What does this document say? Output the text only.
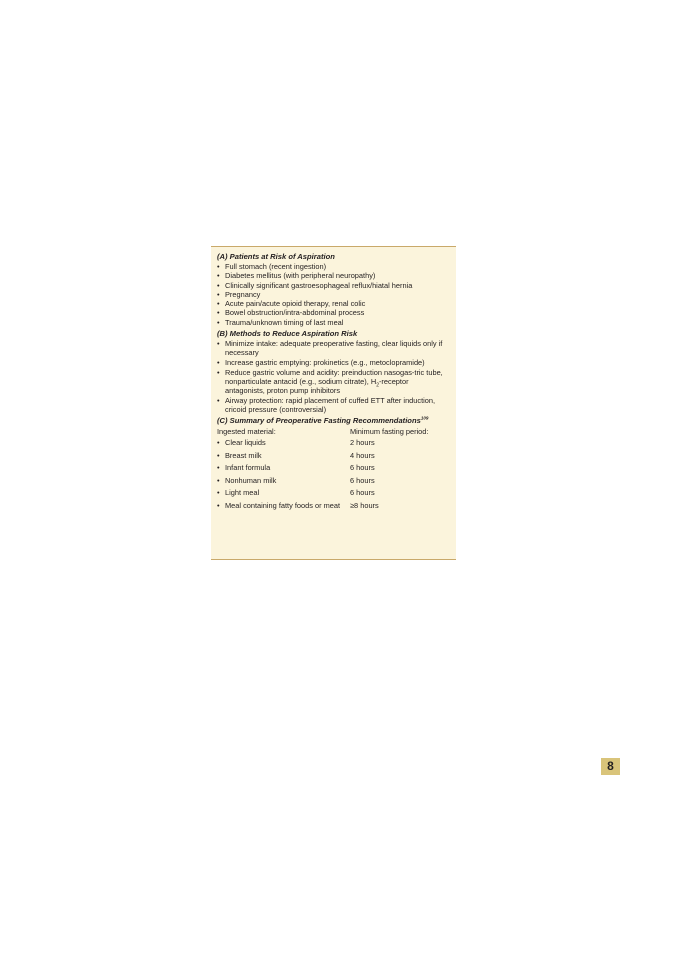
(A) Patients at Risk of Aspiration
• Full stomach (recent ingestion)
• Diabetes mellitus (with peripheral neuropathy)
• Clinically significant gastroesophageal reflux/hiatal hernia
• Pregnancy
• Acute pain/acute opioid therapy, renal colic
• Bowel obstruction/intra-abdominal process
• Trauma/unknown timing of last meal
(B) Methods to Reduce Aspiration Risk
• Minimize intake: adequate preoperative fasting, clear liquids only if necessary
• Increase gastric emptying: prokinetics (e.g., metoclopramide)
• Reduce gastric volume and acidity: preinduction nasogas-tric tube, nonparticulate antacid (e.g., sodium citrate), $H_2$-receptor antagonists, proton pump inhibitors
• Airway protection: rapid placement of cuffed ETT after induction, cricoid pressure (controversial)
(C) Summary of Preoperative Fasting Recommendations$^{109}$
Ingested material:	Minimum fasting period:
• Clear liquids	2 hours
• Breast milk	4 hours
• Infant formula	6 hours
• Nonhuman milk	6 hours
• Light meal	6 hours
• Meal containing fatty foods or meat	≥8 hours
8
